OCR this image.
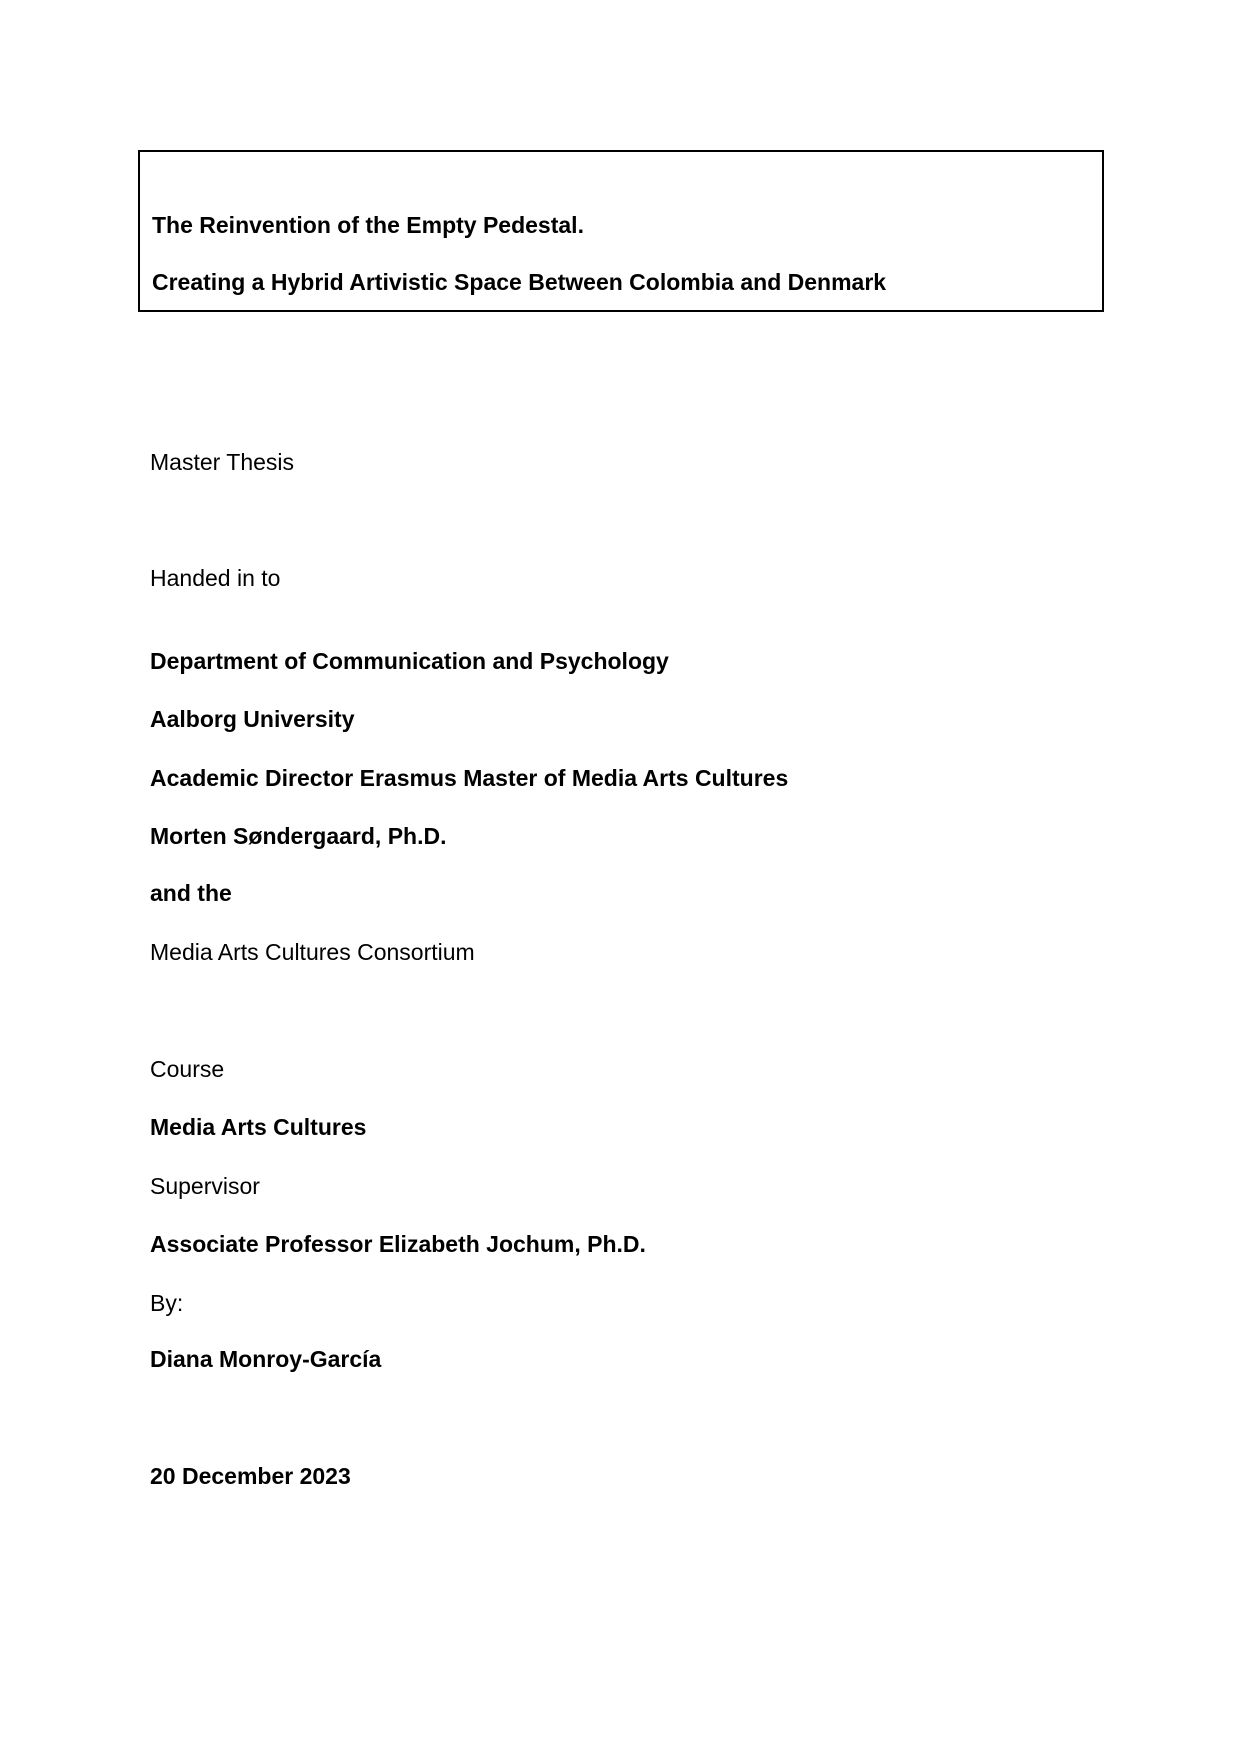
The Reinvention of the Empty Pedestal.

Creating a Hybrid Artivistic Space Between Colombia and Denmark

Master Thesis

Handed in to

Department of Communication and Psychology

Aalborg University

Academic Director Erasmus Master of Media Arts Cultures

Morten Søndergaard, Ph.D.

and the

Media Arts Cultures Consortium

Course

Media Arts Cultures

Supervisor

Associate Professor Elizabeth Jochum, Ph.D.

By:

Diana Monroy-García

20 December 2023
